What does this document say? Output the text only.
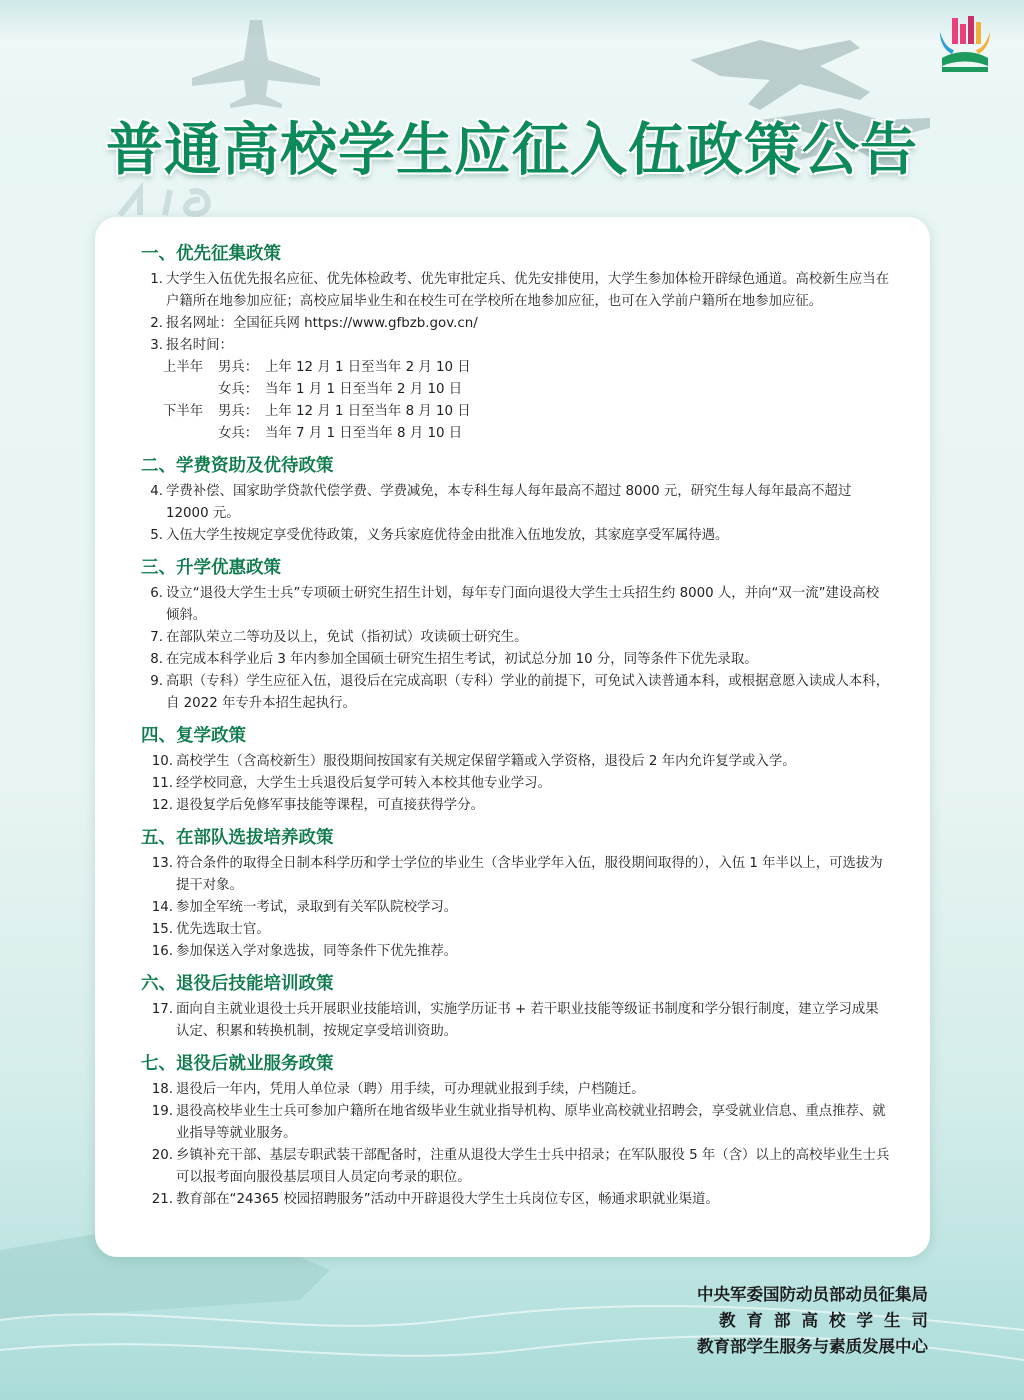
普通高校学生应征入伍政策公告
一、优先征集政策
1. 大学生入伍优先报名应征、优先体检政考、优先审批定兵、优先安排使用，大学生参加体检开辟绿色通道。高校新生应当在户籍所在地参加应征；高校应届毕业生和在校生可在学校所在地参加应征，也可在入学前户籍所在地参加应征。
2. 报名网址：全国征兵网 https://www.gfbzb.gov.cn/
3. 报名时间：
上半年	男兵： 上年 12 月 1 日至当年 2 月 10 日
女兵： 当年 1 月 1 日至当年 2 月 10 日
下半年	男兵： 上年 12 月 1 日至当年 8 月 10 日
女兵： 当年 7 月 1 日至当年 8 月 10 日
二、学费资助及优待政策
4. 学费补偿、国家助学贷款代偿学费、学费减免，本专科生每人每年最高不超过 8000 元，研究生每人每年最高不超过 12000 元。
5. 入伍大学生按规定享受优待政策，义务兵家庭优待金由批准入伍地发放，其家庭享受军属待遇。
三、升学优惠政策
6. 设立“退役大学生士兵”专项硕士研究生招生计划，每年专门面向退役大学生士兵招生约 8000 人，并向“双一流”建设高校倾斜。
7. 在部队荣立二等功及以上，免试（指初试）攻读硕士研究生。
8. 在完成本科学业后 3 年内参加全国硕士研究生招生考试，初试总分加 10 分，同等条件下优先录取。
9. 高职（专科）学生应征入伍，退役后在完成高职（专科）学业的前提下，可免试入读普通本科，或根据意愿入读成人本科，自 2022 年专升本招生起执行。
四、复学政策
10. 高校学生（含高校新生）服役期间按国家有关规定保留学籍或入学资格，退役后 2 年内允许复学或入学。
11. 经学校同意，大学生士兵退役后复学可转入本校其他专业学习。
12. 退役复学后免修军事技能等课程，可直接获得学分。
五、在部队选拔培养政策
13. 符合条件的取得全日制本科学历和学士学位的毕业生（含毕业学年入伍，服役期间取得的），入伍 1 年半以上，可选拔为提干对象。
14. 参加全军统一考试，录取到有关军队院校学习。
15. 优先选取士官。
16. 参加保送入学对象选拔，同等条件下优先推荐。
六、退役后技能培训政策
17. 面向自主就业退役士兵开展职业技能培训，实施学历证书 + 若干职业技能等级证书制度和学分银行制度，建立学习成果认定、积累和转换机制，按规定享受培训资助。
七、退役后就业服务政策
18. 退役后一年内，凭用人单位录（聘）用手续，可办理就业报到手续，户档随迁。
19. 退役高校毕业生士兵可参加户籍所在地省级毕业生就业指导机构、原毕业高校就业招聘会，享受就业信息、重点推荐、就业指导等就业服务。
20. 乡镇补充干部、基层专职武装干部配备时，注重从退役大学生士兵中招录；在军队服役 5 年（含）以上的高校毕业生士兵可以报考面向服役基层项目人员定向考录的职位。
21. 教育部在“24365 校园招聘服务”活动中开辟退役大学生士兵岗位专区，畅通求职就业渠道。
中央军委国防动员部动员征集局
教育部高校学生司
教育部学生服务与素质发展中心
